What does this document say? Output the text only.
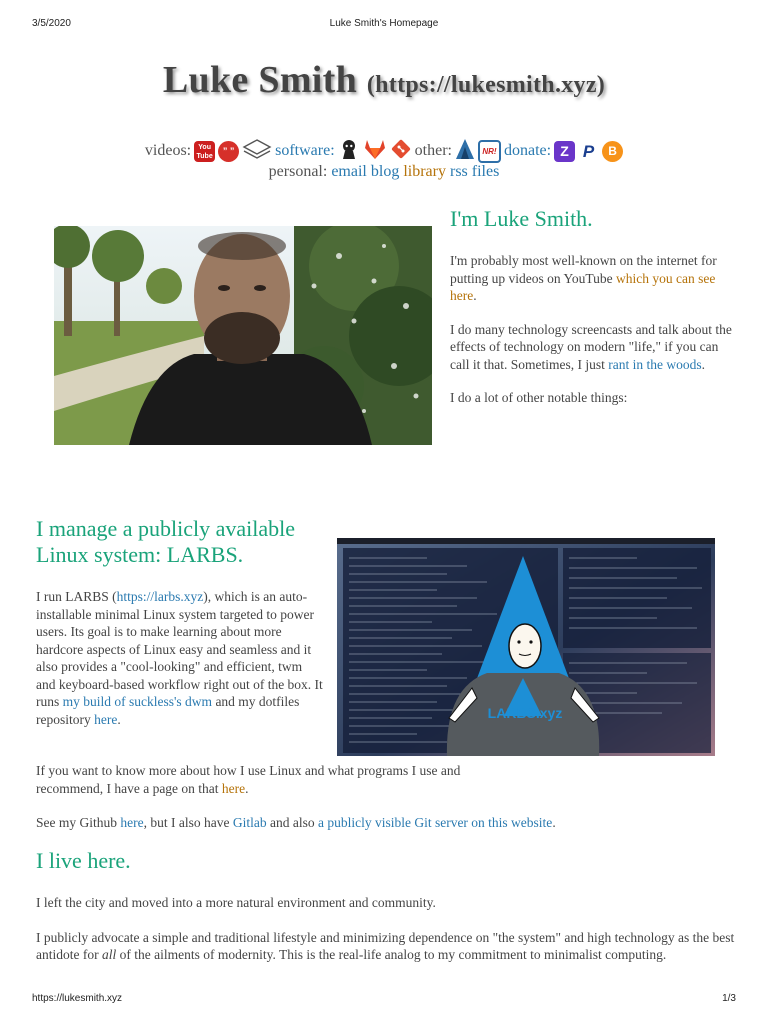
3/5/2020	Luke Smith's Homepage
https://lukesmith.xyz	1/3
Luke Smith (https://lukesmith.xyz)
videos:	You
Tube
” ”	software:	other:	NR! donate: Z P	B
personal: email blog library rss files
I'm Luke Smith.

I'm probably most well-known on the internet for putting up videos on YouTube which you can see here.

I do many technology screencasts and talk about the effects of technology on modern "life," if you can call it that. Sometimes, I just rant in the woods.

I do a lot of other notable things:

I manage a publicly available Linux system: LARBS.

I run LARBS (https://larbs.xyz), which is an auto-installable minimal Linux system targeted to power users. Its goal is to make learning about more hardcore aspects of Linux easy and seamless and it also provides a "cool-looking" and efficient, twm and keyboard-based workflow right out of the box. It runs my build of suckless's dwm and my dotfiles repository here.	LARBS.xyz

If you want to know more about how I use Linux and what programs I use and recommend, I have a page on that here.

See my Github here, but I also have Gitlab and also a publicly visible Git server on this website.

I live here.

I left the city and moved into a more natural environment and community.

I publicly advocate a simple and traditional lifestyle and minimizing dependence on "the system" and high technology as the best antidote for all of the ailments of modernity. This is the real-life analog to my commitment to minimalist computing.
